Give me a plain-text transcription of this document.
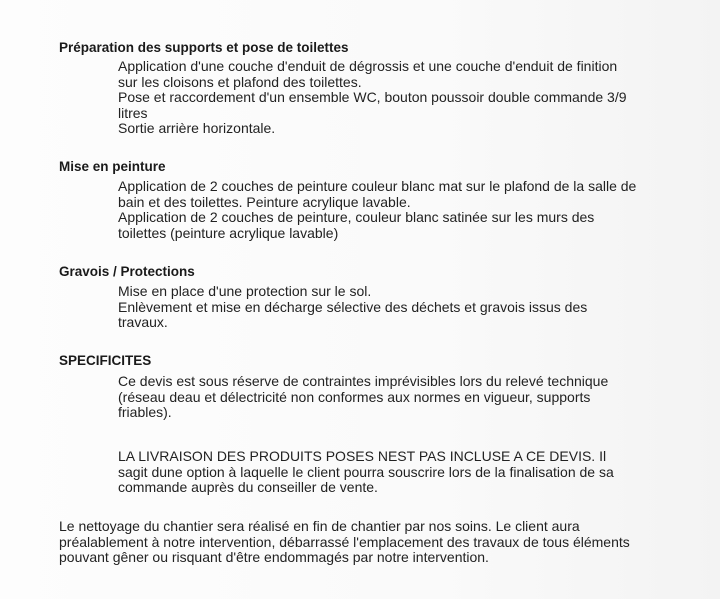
Préparation des supports et pose de toilettes
Application d'une couche d'enduit de dégrossis et une couche d'enduit de finition
sur les cloisons et plafond des toilettes.
Pose et raccordement d'un ensemble WC, bouton poussoir double commande 3/9
litres
Sortie arrière horizontale.
Mise en peinture
Application de 2 couches de peinture couleur blanc mat sur le plafond de la salle de
bain et des toilettes. Peinture acrylique lavable.
Application de 2 couches de peinture, couleur blanc satinée sur les murs des
toilettes (peinture acrylique lavable)
Gravois / Protections
Mise en place d'une protection sur le sol.
Enlèvement et mise en décharge sélective des déchets et gravois issus des
travaux.
SPECIFICITES
Ce devis est sous réserve de contraintes imprévisibles lors du relevé technique
(réseau deau et délectricité non conformes aux normes en vigueur, supports
friables).
LA LIVRAISON DES PRODUITS POSES NEST PAS INCLUSE A CE DEVIS. Il
sagit dune option à laquelle le client pourra souscrire lors de la finalisation de sa
commande auprès du conseiller de vente.
Le nettoyage du chantier sera réalisé en fin de chantier par nos soins. Le client aura
préalablement à notre intervention, débarrassé l'emplacement des travaux de tous éléments
pouvant gêner ou risquant d'être endommagés par notre intervention.
